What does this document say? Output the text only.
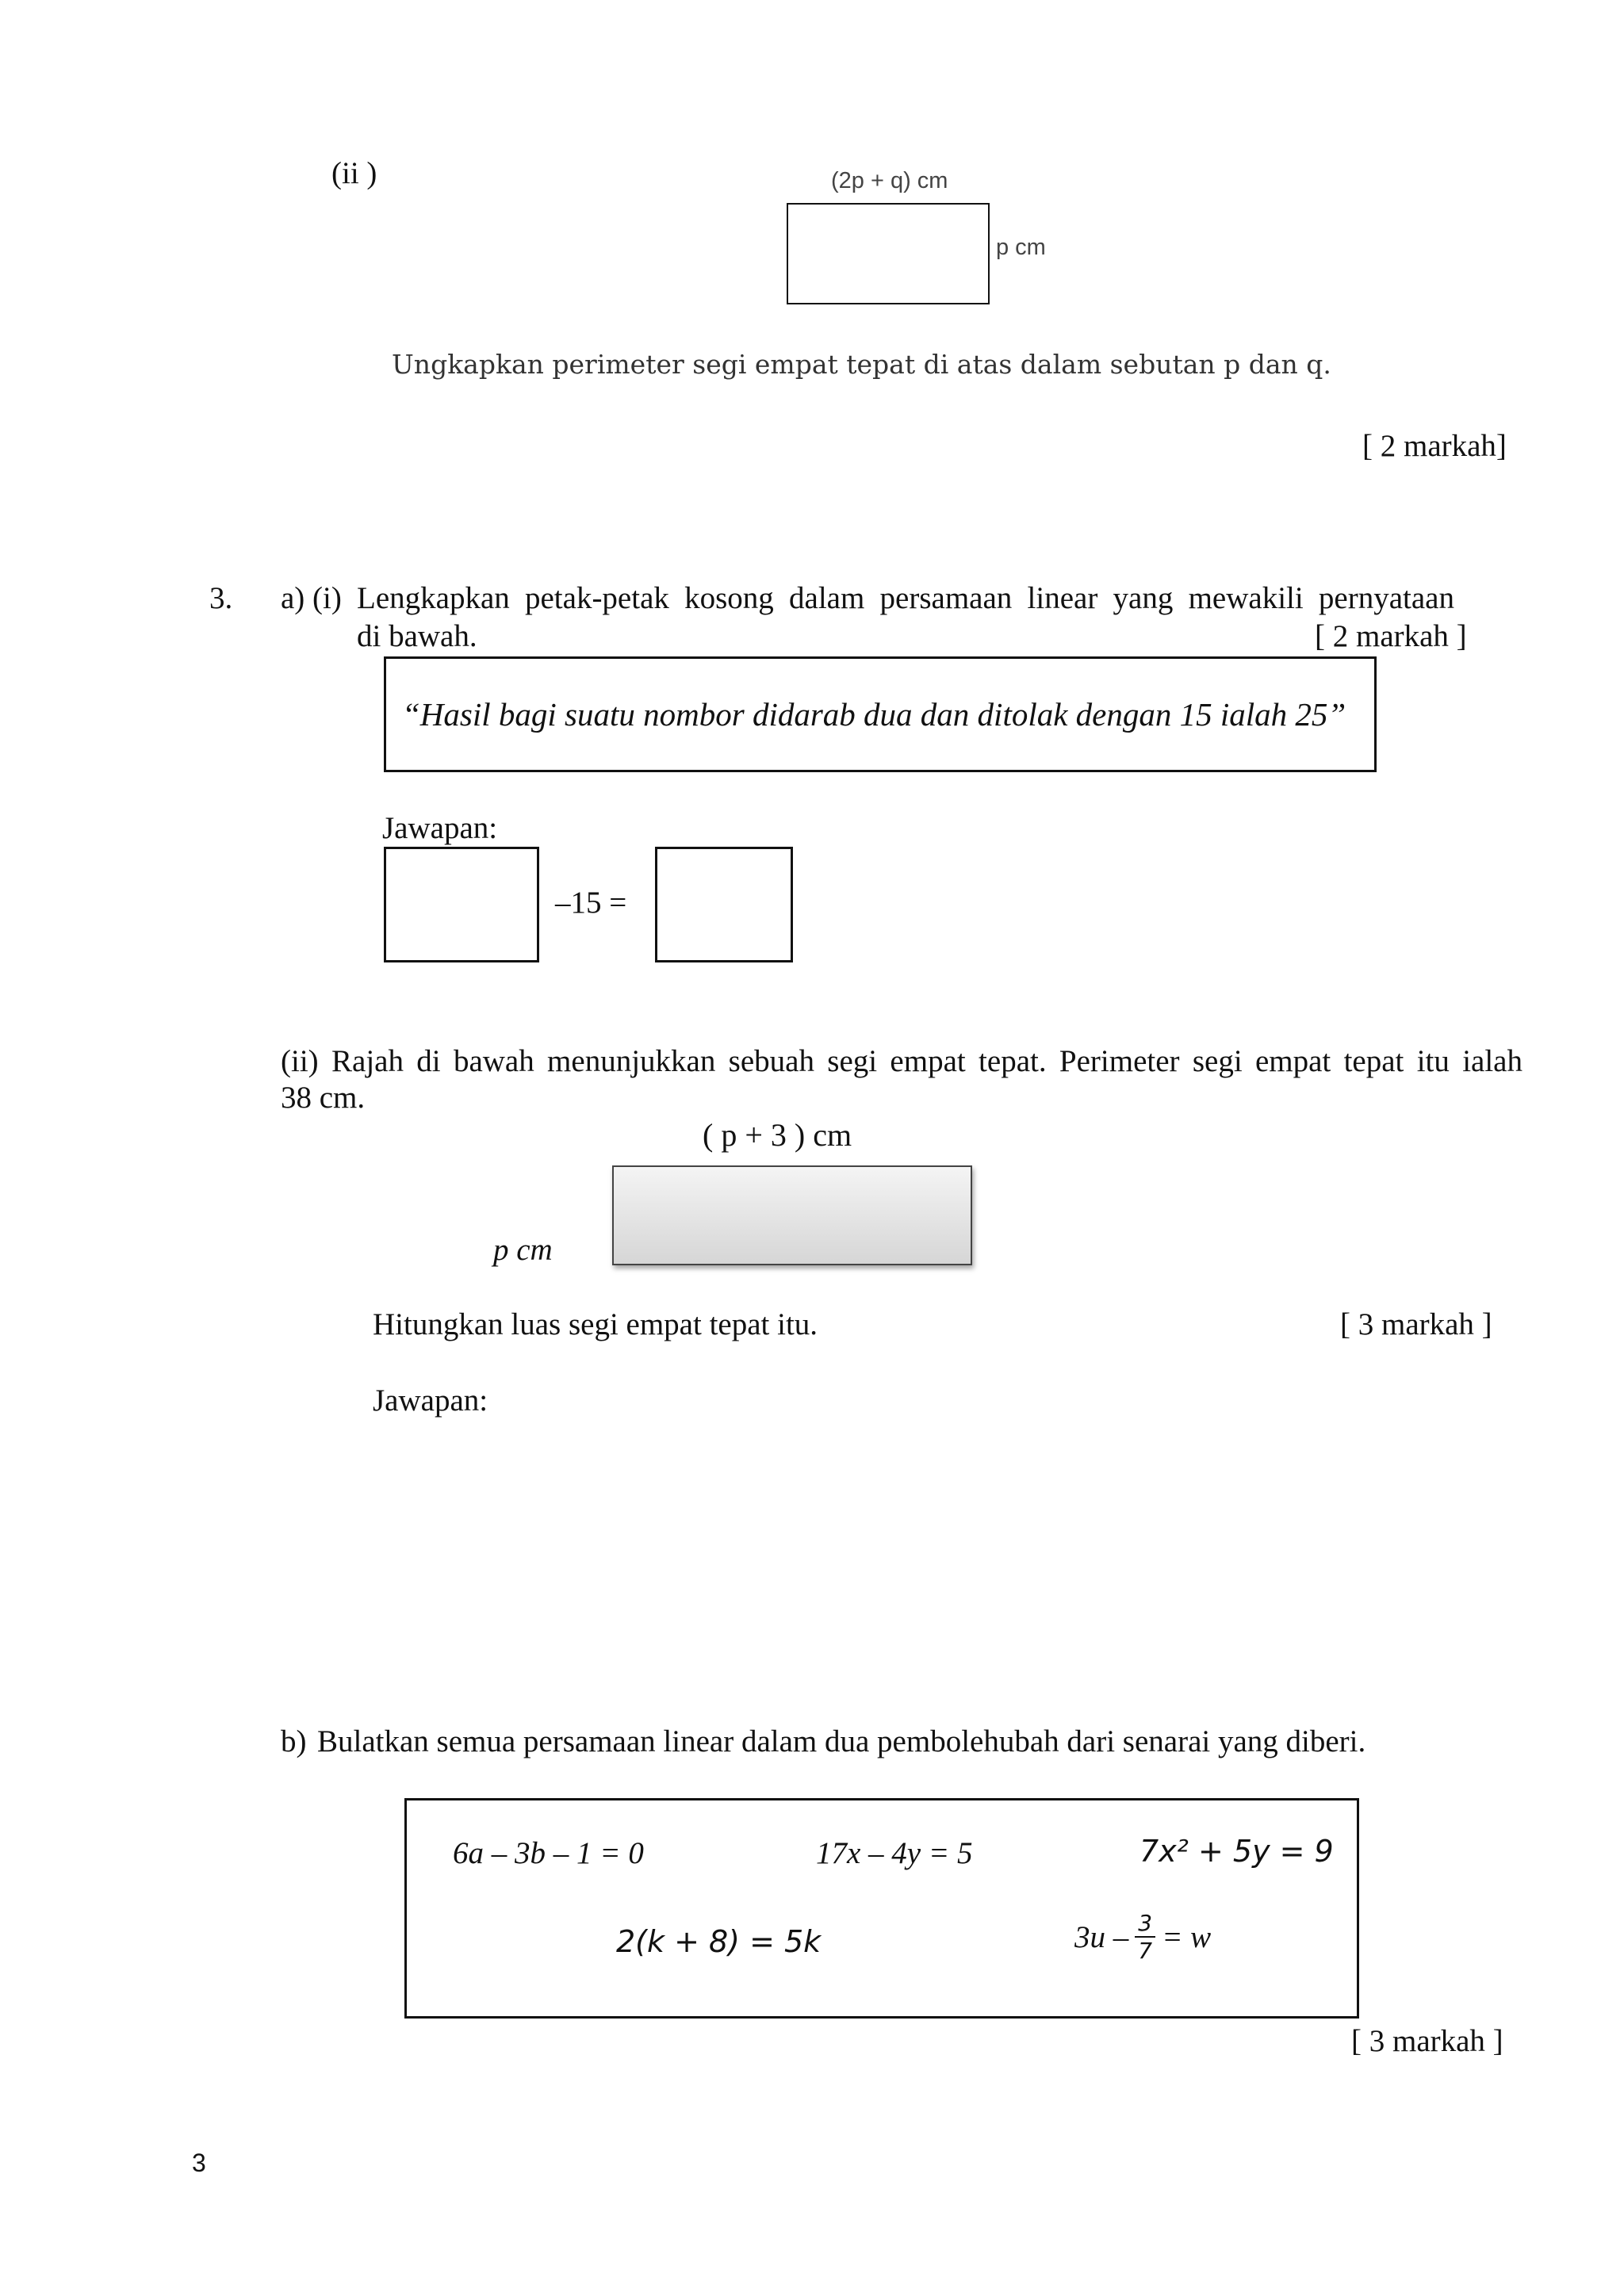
(ii )	(2p + q) cm
p cm
Ungkapkan perimeter segi empat tepat di atas dalam sebutan p dan q.
[ 2 markah]
3. a) (i) Lengkapkan petak-petak kosong dalam persamaan linear yang mewakili pernyataan
di bawah.	[ 2 markah ]
“Hasil bagi suatu nombor didarab dua dan ditolak dengan 15 ialah 25”
Jawapan:
–15 =
(ii) Rajah di bawah menunjukkan sebuah segi empat tepat. Perimeter segi empat tepat itu ialah
38 cm.
( p + 3 ) cm
p cm
Hitungkan luas segi empat tepat itu.	[ 3 markah ]
Jawapan:
b) Bulatkan semua persamaan linear dalam dua pembolehubah dari senarai yang diberi.
6a – 3b – 1 = 0	17x – 4y = 5	7x² + 5y = 9
2(k + 8) = 5k	$3u - \frac{3}{7} = w$
[ 3 markah ]
3
